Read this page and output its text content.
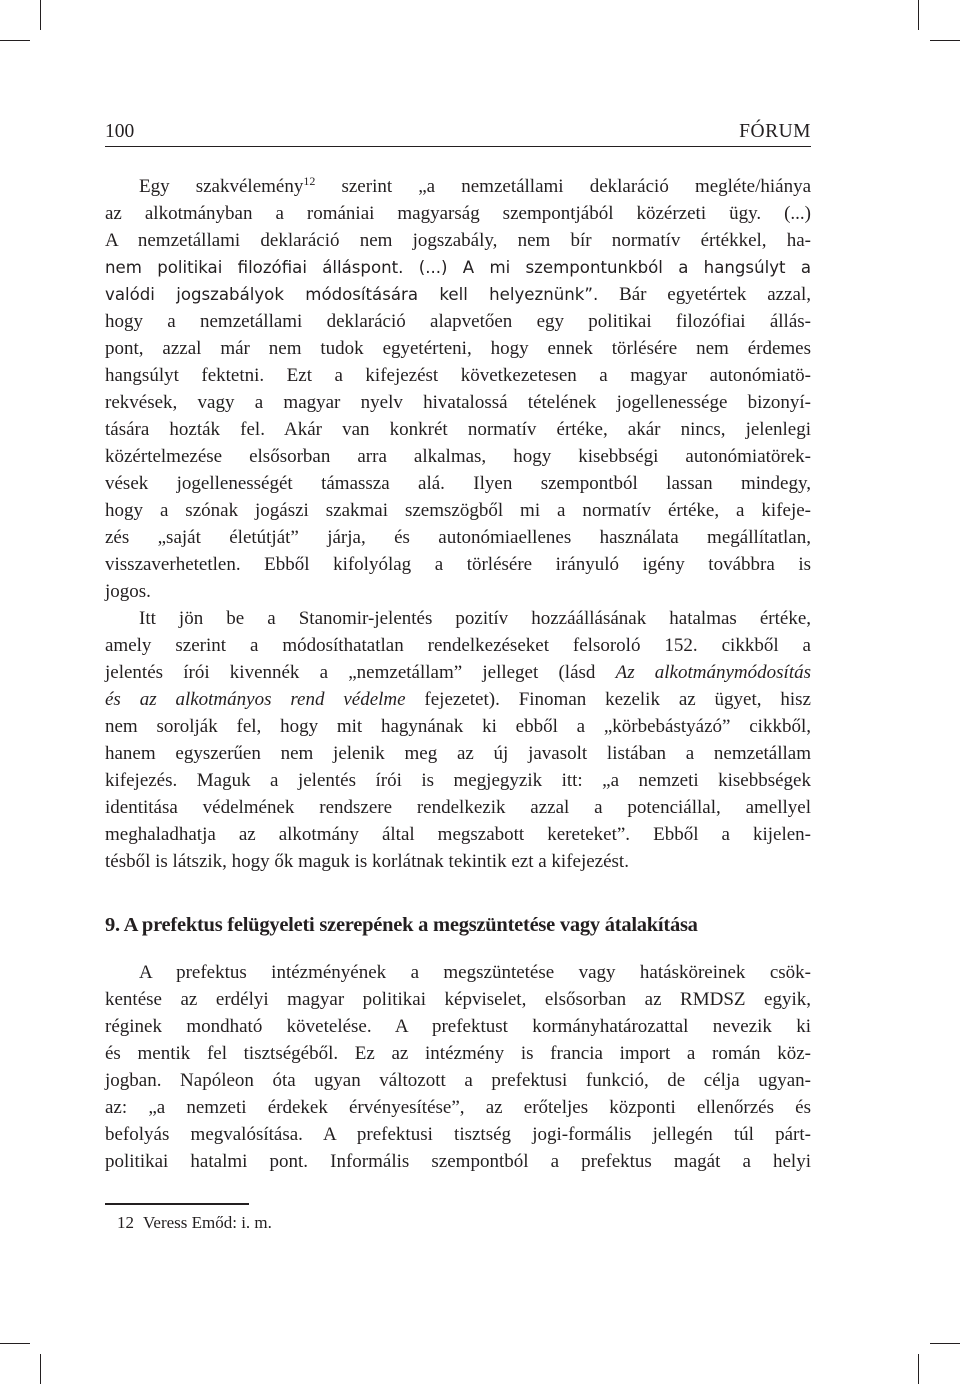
100	FÓRUM
Egy szakvélemény$^{12}$ szerint „a nemzetállami deklaráció megléte/hiánya
az alkotmányban a romániai magyarság szempontjából közérzeti ügy. (...)
A nemzetállami deklaráció nem jogszabály, nem bír normatív értékkel, ha-
nem politikai filozófiai álláspont. (...) A mi szempontunkból a hangsúlyt a
valódi jogszabályok módosítására kell helyeznünk”. Bár egyetértek azzal,
hogy a nemzetállami deklaráció alapvetően egy politikai filozófiai állás-
pont, azzal már nem tudok egyetérteni, hogy ennek törlésére nem érdemes
hangsúlyt fektetni. Ezt a kifejezést következetesen a magyar autonómiatö-
rekvések, vagy a magyar nyelv hivatalossá tételének jogellenessége bizonyí-
tására hozták fel. Akár van konkrét normatív értéke, akár nincs, jelenlegi
közértelmezése elsősorban arra alkalmas, hogy kisebbségi autonómiatörek-
vések jogellenességét támassza alá. Ilyen szempontból lassan mindegy,
hogy a szónak jogászi szakmai szemszögből mi a normatív értéke, a kifeje-
zés „saját életútját” járja, és autonómiaellenes használata megállítatlan,
visszaverhetetlen. Ebből kifolyólag a törlésére irányuló igény továbbra is
jogos.
Itt jön be a Stanomir-jelentés pozitív hozzáállásának hatalmas értéke,
amely szerint a módosíthatatlan rendelkezéseket felsoroló 152. cikkből a
jelentés írói kivennék a „nemzetállam” jelleget (lásd Az alkotmánymódosítás
és az alkotmányos rend védelme fejezetet). Finoman kezelik az ügyet, hisz
nem sorolják fel, hogy mit hagynának ki ebből a „körbebástyázó” cikkből,
hanem egyszerűen nem jelenik meg az új javasolt listában a nemzetállam
kifejezés. Maguk a jelentés írói is megjegyzik itt: „a nemzeti kisebbségek
identitása védelmének rendszere rendelkezik azzal a potenciállal, amellyel
meghaladhatja az alkotmány által megszabott kereteket”. Ebből a kijelen-
tésből is látszik, hogy ők maguk is korlátnak tekintik ezt a kifejezést.
9. A prefektus felügyeleti szerepének a megszüntetése vagy átalakítása
A prefektus intézményének a megszüntetése vagy hatásköreinek csök-
kentése az erdélyi magyar politikai képviselet, elsősorban az RMDSZ egyik,
réginek mondható követelése. A prefektust kormányhatározattal nevezik ki
és mentik fel tisztségéből. Ez az intézmény is francia import a román köz-
jogban. Napóleon óta ugyan változott a prefektusi funkció, de célja ugyan-
az: „a nemzeti érdekek érvényesítése”, az erőteljes központi ellenőrzés és
befolyás megvalósítása. A prefektusi tisztség jogi-formális jellegén túl párt-
politikai hatalmi pont. Informális szempontból a prefektus magát a helyi
12 Veress Emőd: i. m.
